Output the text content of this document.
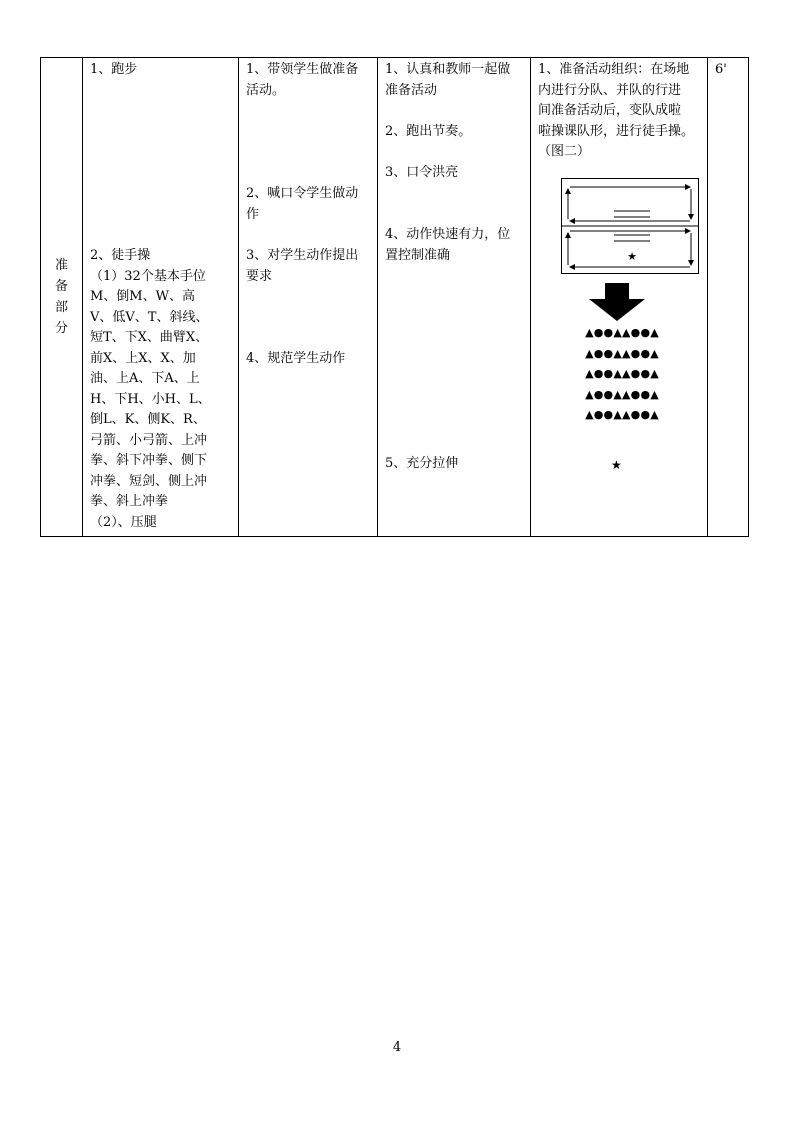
准
备
部
分

1、跑步
2、徒手操
（1）32个基本手位
M、倒M、W、高
V、低V、T、斜线、
短T、下X、曲臂X、
前X、上X、X、加
油、上A、下A、上
H、下H、小H、L、
倒L、K、侧K、R、
弓箭、小弓箭、上冲
拳、斜下冲拳、侧下
冲拳、短剑、侧上冲
拳、斜上冲拳
（2）、压腿

1、带领学生做准备
活动。
2、喊口令学生做动
作
3、对学生动作提出
要求
4、规范学生动作

1、认真和教师一起做
准备活动
2、跑出节奏。
3、口令洪亮
4、动作快速有力，位
置控制准确
5、充分拉伸

1、准备活动组织：在场地
内进行分队、并队的行进
间准备活动后，变队成啦
啦操课队形，进行徒手操。
（图二）
★
▲●●▲▲●●▲
▲●●▲▲●●▲
▲●●▲▲●●▲
▲●●▲▲●●▲
▲●●▲▲●●▲
★

6'
4
